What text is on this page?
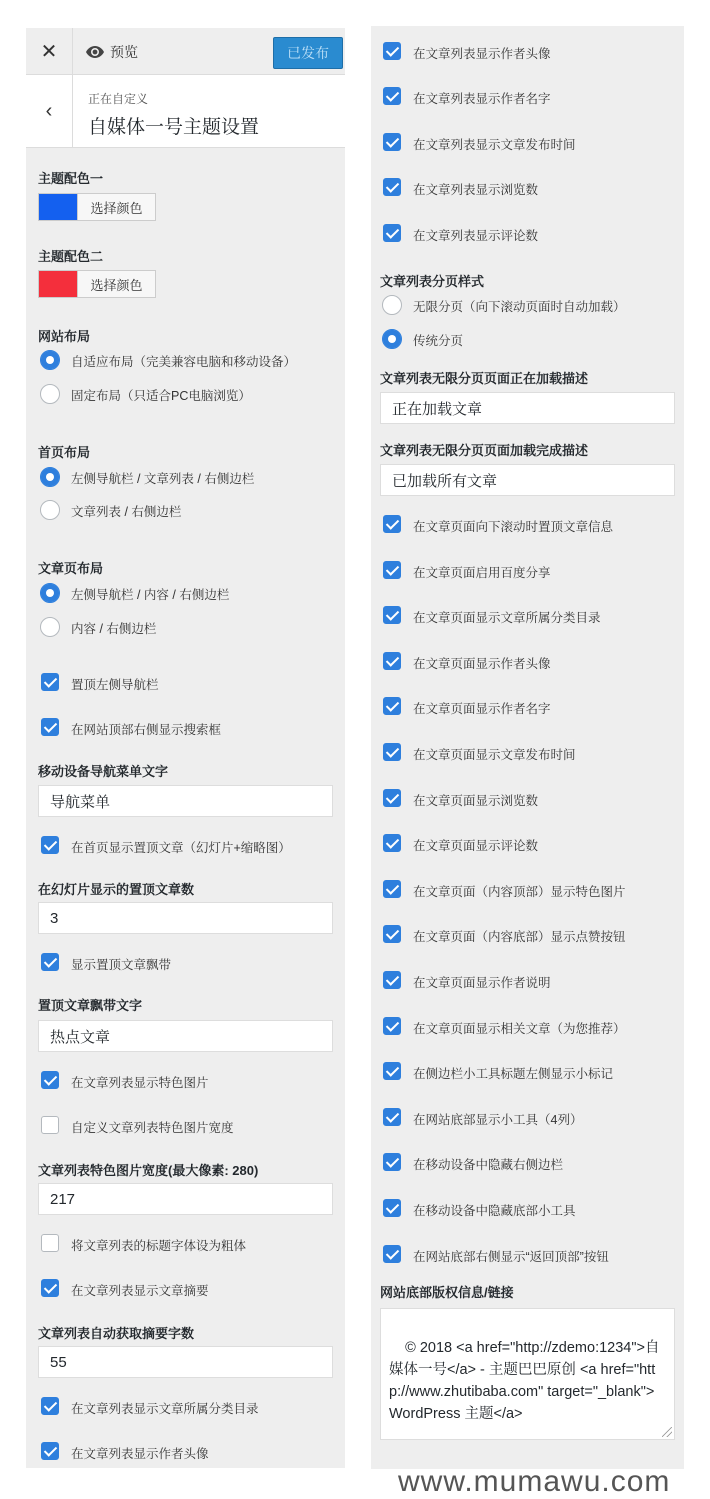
✕	预览	已发布
‹
正在自定义
自媒体一号主题设置
主题配色一
选择颜色
主题配色二
选择颜色
网站布局
自适应布局（完美兼容电脑和移动设备）
固定布局（只适合PC电脑浏览）
首页布局
左侧导航栏 / 文章列表 / 右侧边栏
文章列表 / 右侧边栏
文章页布局
左侧导航栏 / 内容 / 右侧边栏
内容 / 右侧边栏
置顶左侧导航栏
在网站顶部右侧显示搜索框
移动设备导航菜单文字
导航菜单
在首页显示置顶文章（幻灯片+缩略图）
在幻灯片显示的置顶文章数
3
显示置顶文章飘带
置顶文章飘带文字
热点文章
在文章列表显示特色图片
自定义文章列表特色图片宽度
文章列表特色图片宽度(最大像素: 280)
217
将文章列表的标题字体设为粗体
在文章列表显示文章摘要
文章列表自动获取摘要字数
55
在文章列表显示文章所属分类目录
在文章列表显示作者头像
在文章列表显示作者头像
在文章列表显示作者名字
在文章列表显示文章发布时间
在文章列表显示浏览数
在文章列表显示评论数
文章列表分页样式
无限分页（向下滚动页面时自动加载）
传统分页
文章列表无限分页页面正在加载描述
正在加载文章
文章列表无限分页页面加载完成描述
已加载所有文章
在文章页面向下滚动时置顶文章信息
在文章页面启用百度分享
在文章页面显示文章所属分类目录
在文章页面显示作者头像
在文章页面显示作者名字
在文章页面显示文章发布时间
在文章页面显示浏览数
在文章页面显示评论数
在文章页面（内容顶部）显示特色图片
在文章页面（内容底部）显示点赞按钮
在文章页面显示作者说明
在文章页面显示相关文章（为您推荐）
在侧边栏小工具标题左侧显示小标记
在网站底部显示小工具（4列）
在移动设备中隐藏右侧边栏
在移动设备中隐藏底部小工具
在网站底部右侧显示“返回顶部”按钮
网站底部版权信息/链接

© 2018 <a href="http://zdemo:1234">自媒体一号</a> - 主题巴巴原创 <a href="http://www.zhutibaba.com" target="_blank">WordPress 主题</a>

www.mumawu.com
